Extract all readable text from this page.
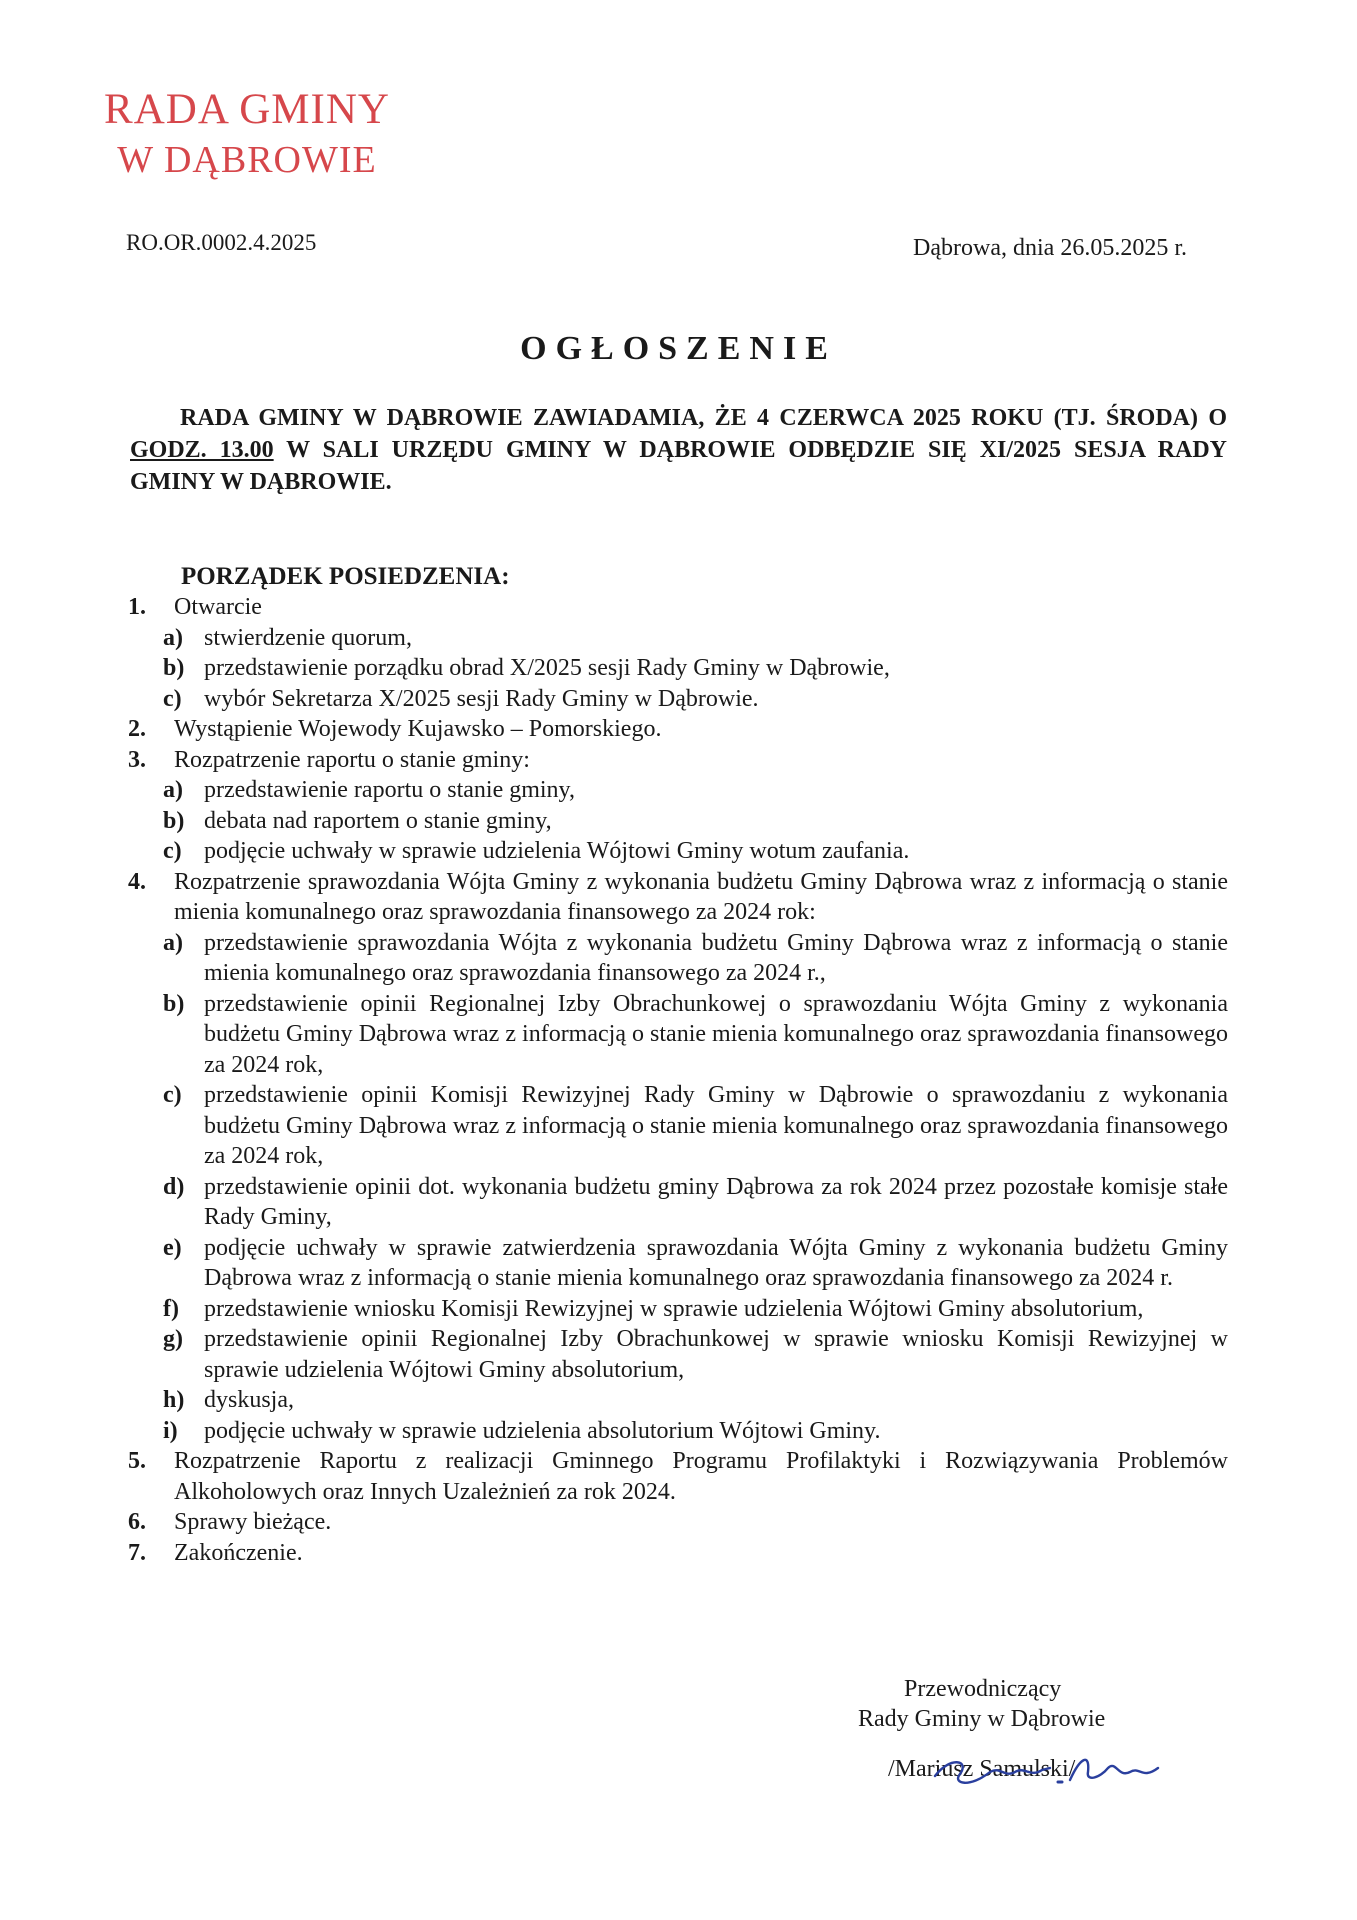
RADA GMINY
W DĄBROWIE
RO.OR.0002.4.2025	Dąbrowa, dnia 26.05.2025 r.
OGŁOSZENIE
RADA GMINY W DĄBROWIE ZAWIADAMIA, ŻE 4 CZERWCA 2025 ROKU (TJ. ŚRODA) O GODZ. 13.00 W SALI URZĘDU GMINY W DĄBROWIE ODBĘDZIE SIĘ XI/2025 SESJA RADY GMINY W DĄBROWIE.
PORZĄDEK POSIEDZENIA:
1. Otwarcie
a) stwierdzenie quorum,
b) przedstawienie porządku obrad X/2025 sesji Rady Gminy w Dąbrowie,
c) wybór Sekretarza X/2025 sesji Rady Gminy w Dąbrowie.
2. Wystąpienie Wojewody Kujawsko – Pomorskiego.
3. Rozpatrzenie raportu o stanie gminy:
a) przedstawienie raportu o stanie gminy,
b) debata nad raportem o stanie gminy,
c) podjęcie uchwały w sprawie udzielenia Wójtowi Gminy wotum zaufania.
4. Rozpatrzenie sprawozdania Wójta Gminy z wykonania budżetu Gminy Dąbrowa wraz z informacją o stanie mienia komunalnego oraz sprawozdania finansowego za 2024 rok:
a) przedstawienie sprawozdania Wójta z wykonania budżetu Gminy Dąbrowa wraz z informacją o stanie mienia komunalnego oraz sprawozdania finansowego za 2024 r.,
b) przedstawienie opinii Regionalnej Izby Obrachunkowej o sprawozdaniu Wójta Gminy z wykonania budżetu Gminy Dąbrowa wraz z informacją o stanie mienia komunalnego oraz sprawozdania finansowego za 2024 rok,
c) przedstawienie opinii Komisji Rewizyjnej Rady Gminy w Dąbrowie o sprawozdaniu z wykonania budżetu Gminy Dąbrowa wraz z informacją o stanie mienia komunalnego oraz sprawozdania finansowego za 2024 rok,
d) przedstawienie opinii dot. wykonania budżetu gminy Dąbrowa za rok 2024 przez pozostałe komisje stałe Rady Gminy,
e) podjęcie uchwały w sprawie zatwierdzenia sprawozdania Wójta Gminy z wykonania budżetu Gminy Dąbrowa wraz z informacją o stanie mienia komunalnego oraz sprawozdania finansowego za 2024 r.
f) przedstawienie wniosku Komisji Rewizyjnej w sprawie udzielenia Wójtowi Gminy absolutorium,
g) przedstawienie opinii Regionalnej Izby Obrachunkowej w sprawie wniosku Komisji Rewizyjnej w sprawie udzielenia Wójtowi Gminy absolutorium,
h) dyskusja,
i) podjęcie uchwały w sprawie udzielenia absolutorium Wójtowi Gminy.
5. Rozpatrzenie Raportu z realizacji Gminnego Programu Profilaktyki i Rozwiązywania Problemów Alkoholowych oraz Innych Uzależnień za rok 2024.
6. Sprawy bieżące.
7. Zakończenie.
Przewodniczący
Rady Gminy w Dąbrowie
/Mariusz Samulski/
